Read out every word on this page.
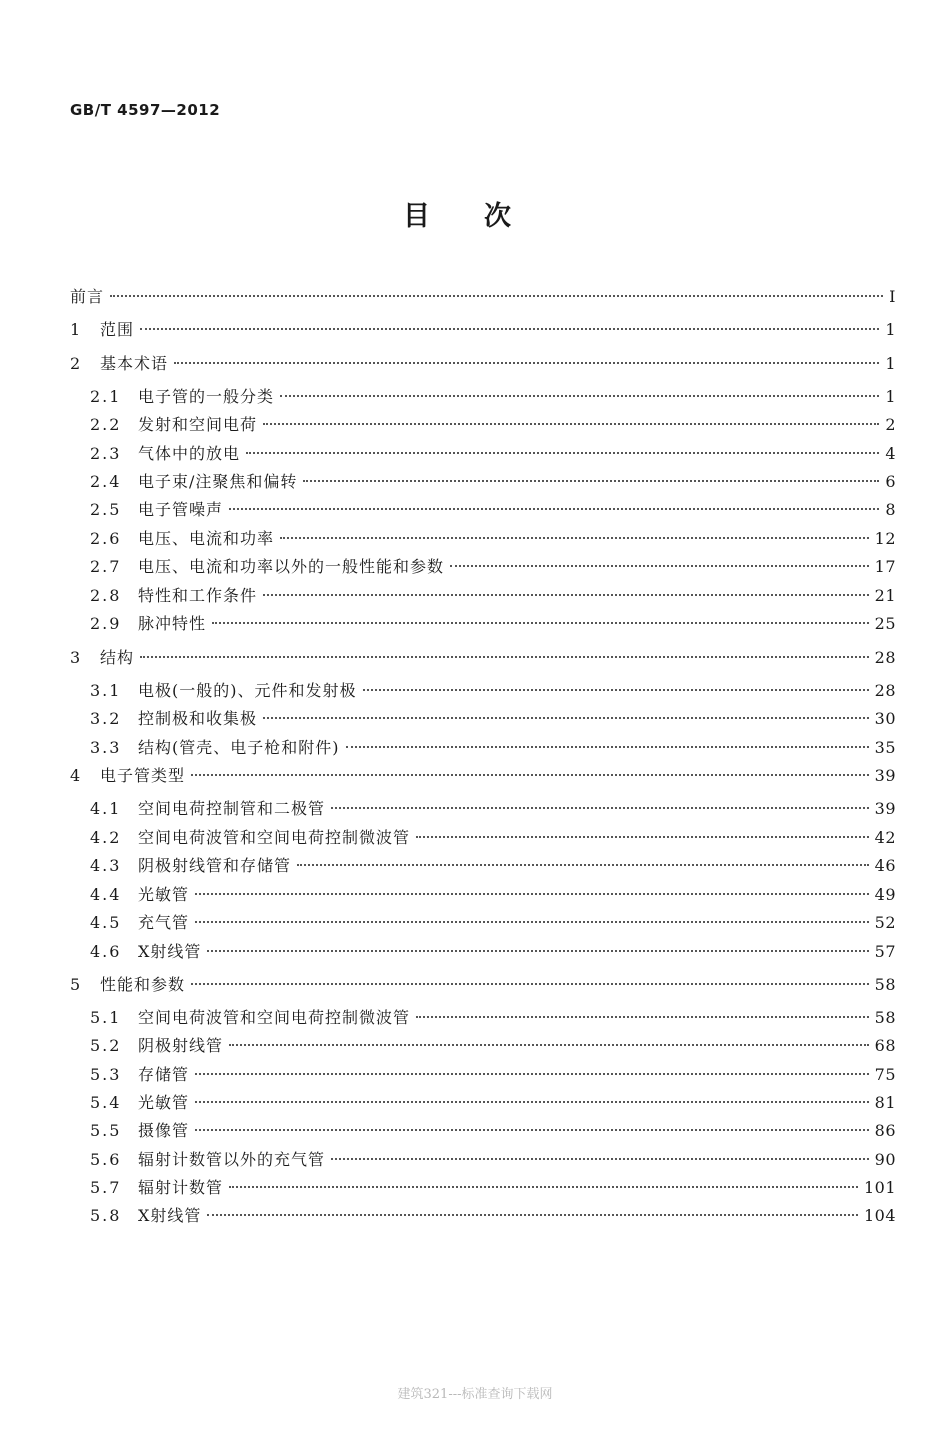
GB/T 4597—2012
目次
前言	Ⅰ
1	范围	1
2	基本术语	1
2.1	电子管的一般分类	1
2.2	发射和空间电荷	2
2.3	气体中的放电	4
2.4	电子束/注聚焦和偏转	6
2.5	电子管噪声	8
2.6	电压、电流和功率	12
2.7	电压、电流和功率以外的一般性能和参数	17
2.8	特性和工作条件	21
2.9	脉冲特性	25
3	结构	28
3.1	电极(一般的)、元件和发射极	28
3.2	控制极和收集极	30
3.3	结构(管壳、电子枪和附件)	35
4	电子管类型	39
4.1	空间电荷控制管和二极管	39
4.2	空间电荷波管和空间电荷控制微波管	42
4.3	阴极射线管和存储管	46
4.4	光敏管	49
4.5	充气管	52
4.6	X射线管	57
5	性能和参数	58
5.1	空间电荷波管和空间电荷控制微波管	58
5.2	阴极射线管	68
5.3	存储管	75
5.4	光敏管	81
5.5	摄像管	86
5.6	辐射计数管以外的充气管	90
5.7	辐射计数管	101
5.8	X射线管	104
建筑321---标准查询下载网
